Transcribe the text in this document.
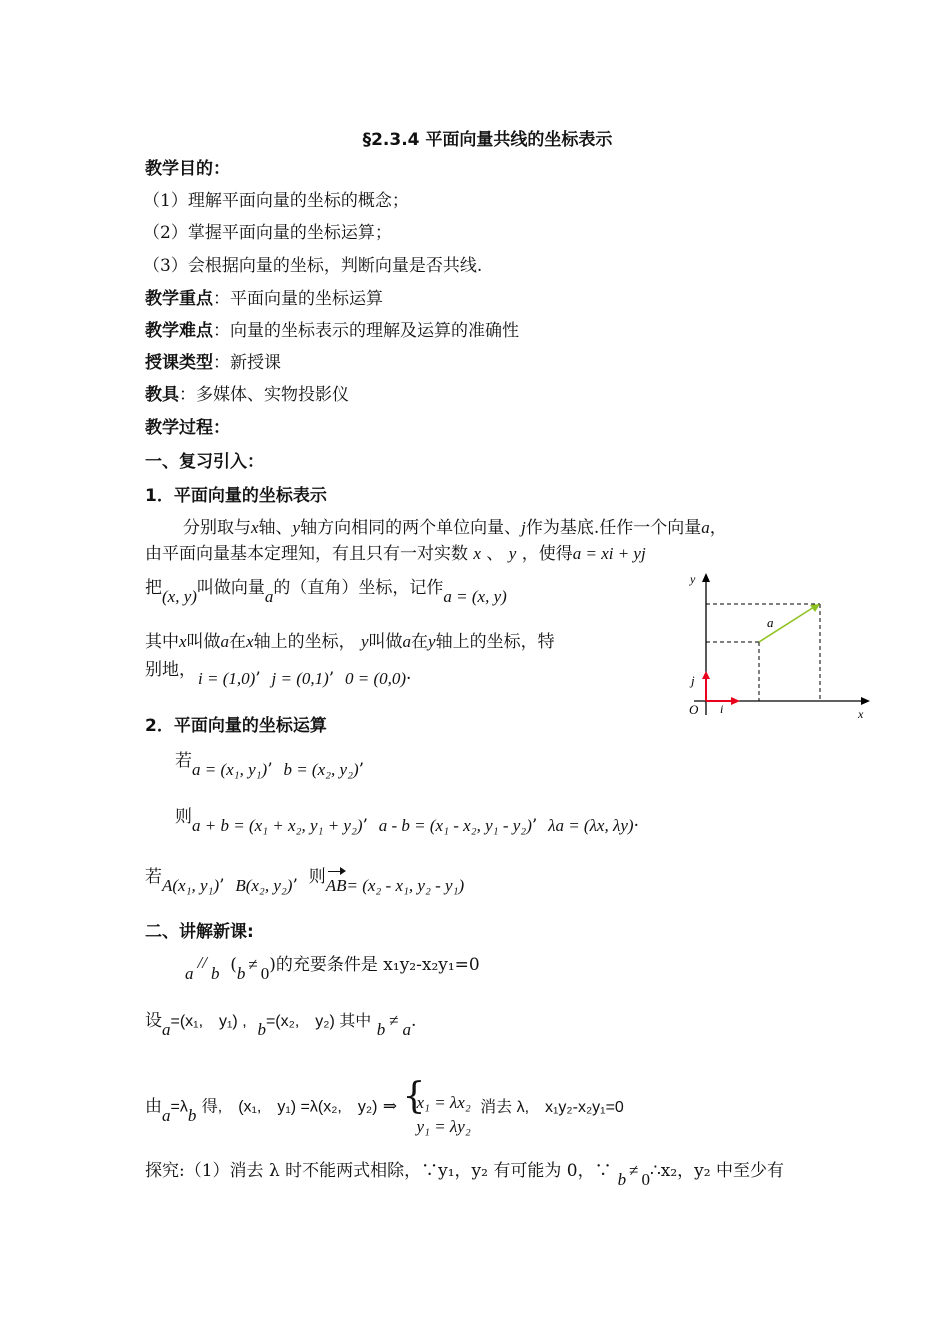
§2.3.4 平面向量共线的坐标表示
教学目的：
（1）理解平面向量的坐标的概念；
（2）掌握平面向量的坐标运算；
（3）会根据向量的坐标，判断向量是否共线.
教学重点：平面向量的坐标运算
教学难点：向量的坐标表示的理解及运算的准确性
授课类型：新授课
教具：多媒体、实物投影仪
教学过程：
一、复习引入：
1．平面向量的坐标表示
分别取与x轴、y轴方向相同的两个单位向量、j作为基底.任作一个向量a，
由平面向量基本定理知，有且只有一对实数 x 、 y ，使得a = xi + yj
把(x, y)叫做向量a的（直角）坐标，记作a = (x, y)
其中x叫做a在x轴上的坐标， y叫做a在y轴上的坐标，特
别地， i = (1,0)’  j = (0,1)’  0 = (0,0)·
y
x
O i
j
a
2．平面向量的坐标运算
若a = (x₁, y₁)’  b = (x₂, y₂)’
则a + b = (x₁ + x₂, y₁ + y₂)’  a - b = (x₁ - x₂, y₁ - y₂)’  λa = (λx, λy)·
若A(x₁, y₁)’  B(x₂, y₂)’  则AB= (x₂ - x₁, y₂ - y₁)
二、讲解新课:
a//b (b ≠ 0)的充要条件是 x₁y₂-x₂y₁=0
设a=(x₁,　y₁) , b=(x₂,　y₂) 其中 b ≠ a.
由a=λb 得,　(x₁,　y₁) =λ(x₂,　y₂) ⇒ {
x₁ = λx₂
y₁ = λy₂
消去 λ,　x₁y₂-x₂y₁=0
探究:（1）消去 λ 时不能两式相除，∵y₁，y₂ 有可能为 0，∵ b ≠ 0∴x₂，y₂ 中至少有
